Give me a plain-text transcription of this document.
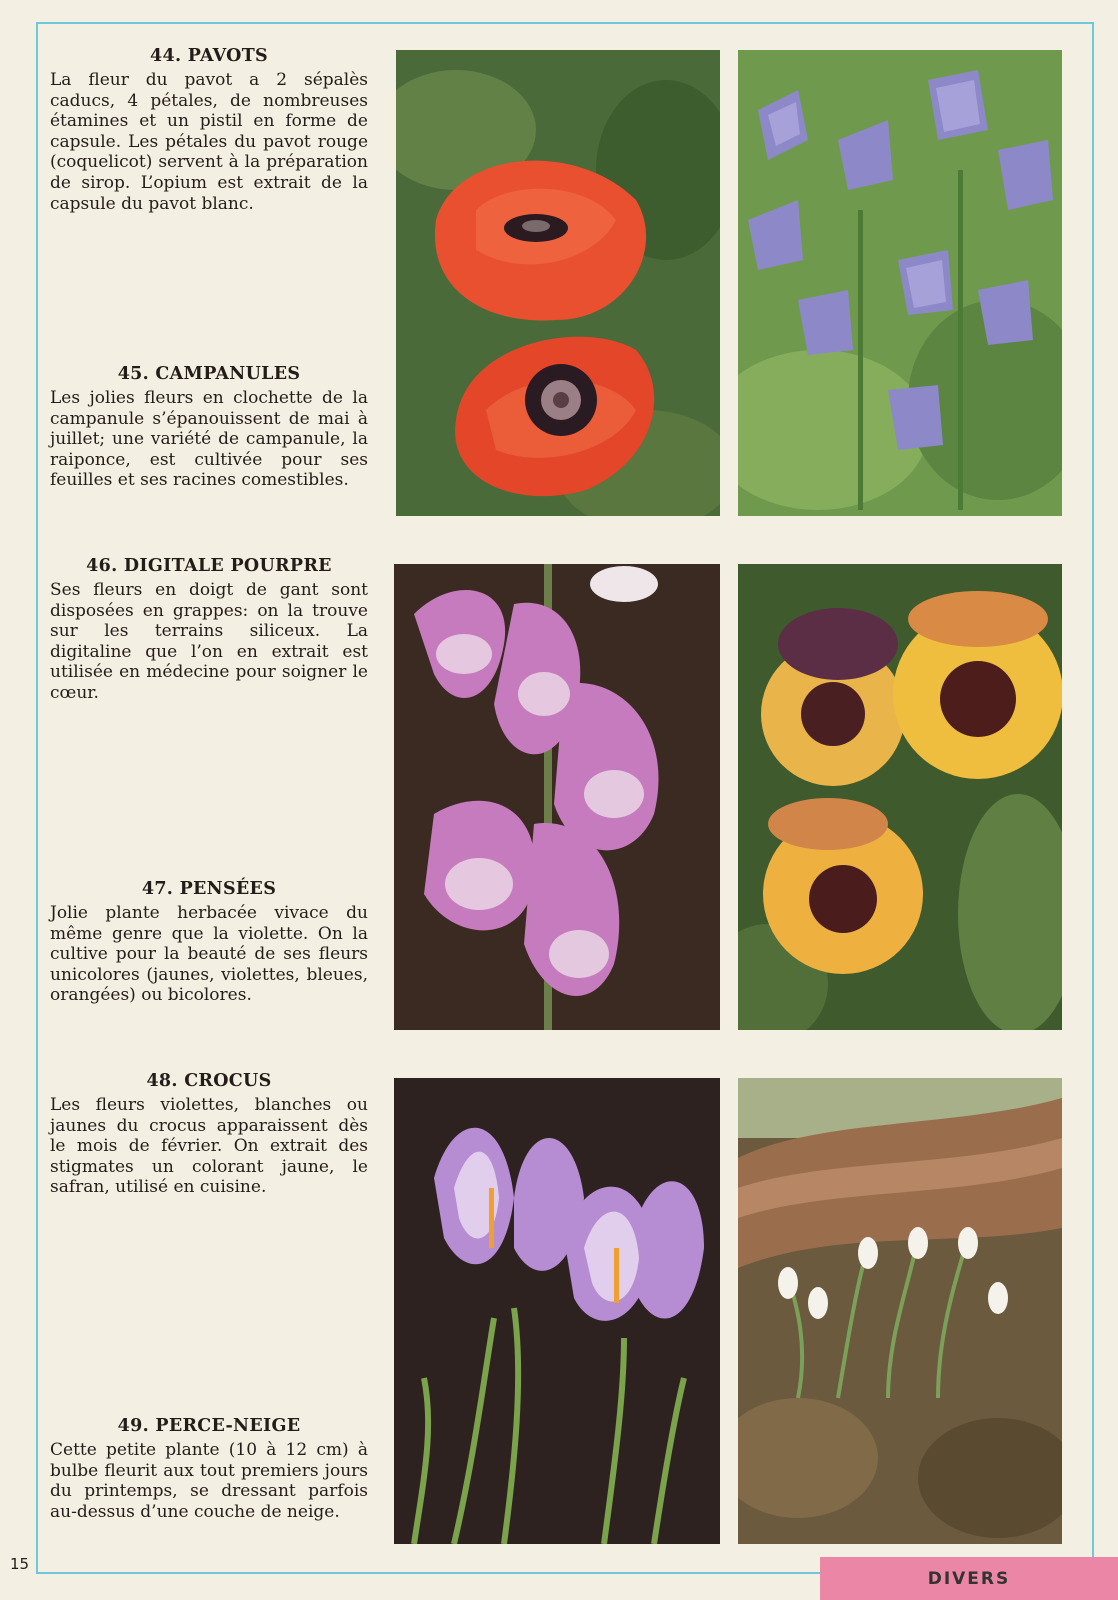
44. PAVOTS
La fleur du pavot a 2 sépalès caducs, 4 pétales, de nombreuses étamines et un pistil en forme de capsule. Les pétales du pavot rouge (coquelicot) servent à la préparation de sirop. L’opium est extrait de la capsule du pavot blanc.
45. CAMPANULES
Les jolies fleurs en clochette de la campanule s’épanouissent de mai à juillet; une variété de campanule, la raiponce, est cultivée pour ses feuilles et ses racines comestibles.
46. DIGITALE POURPRE
Ses fleurs en doigt de gant sont disposées en grappes: on la trouve sur les terrains siliceux. La digitaline que l’on en extrait est utilisée en médecine pour soigner le cœur.
47. PENSÉES
Jolie plante herbacée vivace du même genre que la violette. On la cultive pour la beauté de ses fleurs unicolores (jaunes, violettes, bleues, orangées) ou bicolores.
48. CROCUS
Les fleurs violettes, blanches ou jaunes du crocus apparaissent dès le mois de février. On extrait des stigmates un colorant jaune, le safran, utilisé en cuisine.
49. PERCE-NEIGE
Cette petite plante (10 à 12 cm) à bulbe fleurit aux tout premiers jours du printemps, se dressant parfois au-dessus d’une couche de neige.
15
DIVERS
